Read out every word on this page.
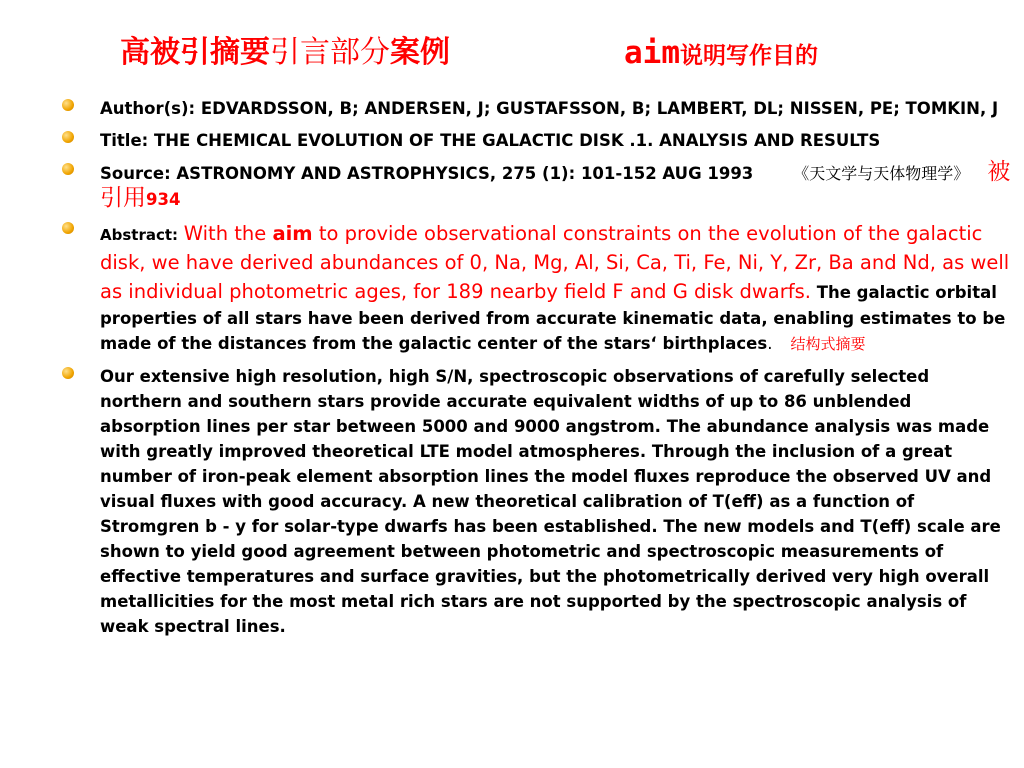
高被引摘要引言部分案例	aim说明写作目的
Author(s): EDVARDSSON, B; ANDERSEN, J; GUSTAFSSON, B; LAMBERT, DL; NISSEN, PE; TOMKIN, J
Title: THE CHEMICAL EVOLUTION OF THE GALACTIC DISK .1. ANALYSIS AND RESULTS
Source: ASTRONOMY AND ASTROPHYSICS, 275 (1): 101-152 AUG 1993	《天文学与天体物理学》 被引用934
Abstract: With the aim to provide observational constraints on the evolution of the galactic disk, we have derived abundances of 0, Na, Mg, Al, Si, Ca, Ti, Fe, Ni, Y, Zr, Ba and Nd, as well as individual photometric ages, for 189 nearby field F and G disk dwarfs. The galactic orbital properties of all stars have been derived from accurate kinematic data, enabling estimates to be made of the distances from the galactic center of the stars‘ birthplaces. 结构式摘要
Our extensive high resolution, high S/N, spectroscopic observations of carefully selected northern and southern stars provide accurate equivalent widths of up to 86 unblended absorption lines per star between 5000 and 9000 angstrom. The abundance analysis was made with greatly improved theoretical LTE model atmospheres. Through the inclusion of a great number of iron-peak element absorption lines the model fluxes reproduce the observed UV and visual fluxes with good accuracy. A new theoretical calibration of T(eff) as a function of Stromgren b - y for solar-type dwarfs has been established. The new models and T(eff) scale are shown to yield good agreement between photometric and spectroscopic measurements of effective temperatures and surface gravities, but the photometrically derived very high overall metallicities for the most metal rich stars are not supported by the spectroscopic analysis of weak spectral lines.
